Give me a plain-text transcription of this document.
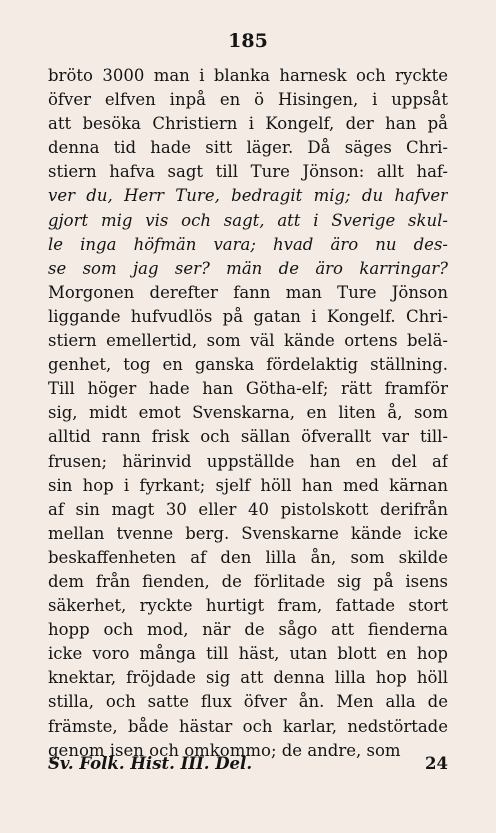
185
bröto 3000 man i blanka harnesk och ryckte
öfver elfven inpå en ö Hisingen, i uppsåt
att besöka Christiern i Kongelf, der han på
denna tid hade sitt läger. Då säges Chri-
stiern hafva sagt till Ture Jönson: allt haf-
ver du, Herr Ture, bedragit mig; du hafver
gjort mig vis och sagt, att i Sverige skul-
le inga höfmän vara; hvad äro nu des-
se som jag ser? män de äro karringar?
Morgonen derefter fann man Ture Jönson
liggande hufvudlös på gatan i Kongelf. Chri-
stiern emellertid, som väl kände ortens belä-
genhet, tog en ganska fördelaktig ställning.
Till höger hade han Götha-elf; rätt framför
sig, midt emot Svenskarna, en liten å, som
alltid rann frisk och sällan öfverallt var till-
frusen; härinvid uppställde han en del af
sin hop i fyrkant; sjelf höll han med kärnan
af sin magt 30 eller 40 pistolskott derifrån
mellan tvenne berg. Svenskarne kände icke
beskaffenheten af den lilla ån, som skilde
dem från fienden, de förlitade sig på isens
säkerhet, ryckte hurtigt fram, fattade stort
hopp och mod, när de sågo att fienderna
icke voro många till häst, utan blott en hop
knektar, fröjdade sig att denna lilla hop höll
stilla, och satte flux öfver ån. Men alla de
främste, både hästar och karlar, nedstörtade
genom isen och omkommo; de andre, som
Sv. Folk. Hist. III. Del.	24
